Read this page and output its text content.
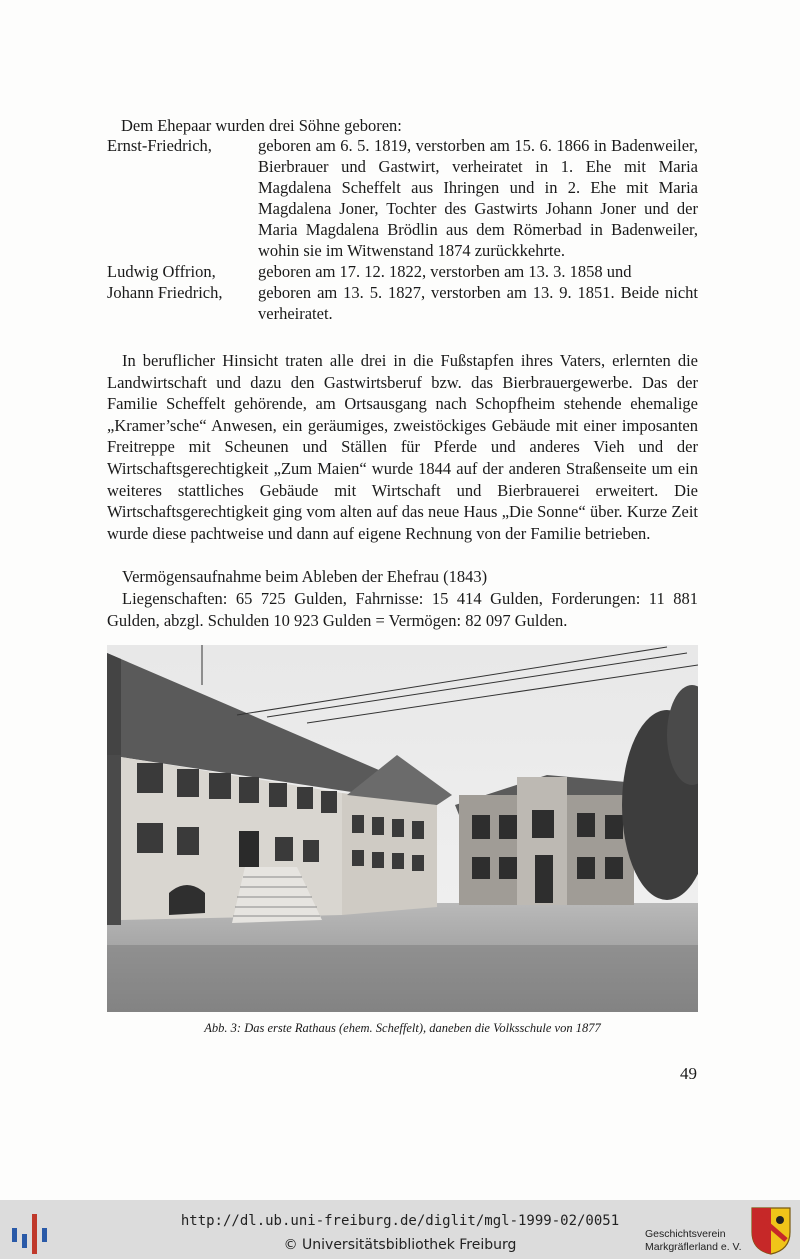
Dem Ehepaar wurden drei Söhne geboren:
Ernst-Friedrich,	geboren am 6. 5. 1819, verstorben am 15. 6. 1866 in Badenweiler, Bierbrauer und Gastwirt, verheiratet in 1. Ehe mit Maria Magdalena Scheffelt aus Ihringen und in 2. Ehe mit Maria Magdalena Joner, Tochter des Gastwirts Johann Joner und der Maria Magdalena Brödlin aus dem Römerbad in Badenweiler, wohin sie im Witwenstand 1874 zurückkehrte.
Ludwig Offrion,	geboren am 17. 12. 1822, verstorben am 13. 3. 1858 und
Johann Friedrich,	geboren am 13. 5. 1827, verstorben am 13. 9. 1851. Beide nicht verheiratet.

In beruflicher Hinsicht traten alle drei in die Fußstapfen ihres Vaters, erlernten die Landwirtschaft und dazu den Gastwirtsberuf bzw. das Bierbrauergewerbe. Das der Familie Scheffelt gehörende, am Ortsausgang nach Schopfheim stehende ehemalige „Kramer’sche“ Anwesen, ein geräumiges, zweistöckiges Gebäude mit einer imposanten Freitreppe mit Scheunen und Ställen für Pferde und anderes Vieh und der Wirtschaftsgerechtigkeit „Zum Maien“ wurde 1844 auf der anderen Straßenseite um ein weiteres stattliches Gebäude mit Wirtschaft und Bierbrauerei erweitert. Die Wirtschaftsgerechtigkeit ging vom alten auf das neue Haus „Die Sonne“ über. Kurze Zeit wurde diese pachtweise und dann auf eigene Rechnung von der Familie betrieben.

Vermögensaufnahme beim Ableben der Ehefrau (1843)

Liegenschaften: 65 725 Gulden, Fahrnisse: 15 414 Gulden, Forderungen: 11 881 Gulden, abzgl. Schulden 10 923 Gulden = Vermögen: 82 097 Gulden.

Abb. 3: Das erste Rathaus (ehem. Scheffelt), daneben die Volksschule von 1877
49
http://dl.ub.uni-freiburg.de/diglit/mgl-1999-02/0051
© Universitätsbibliothek Freiburg
Geschichtsverein
Markgräflerland e. V.
